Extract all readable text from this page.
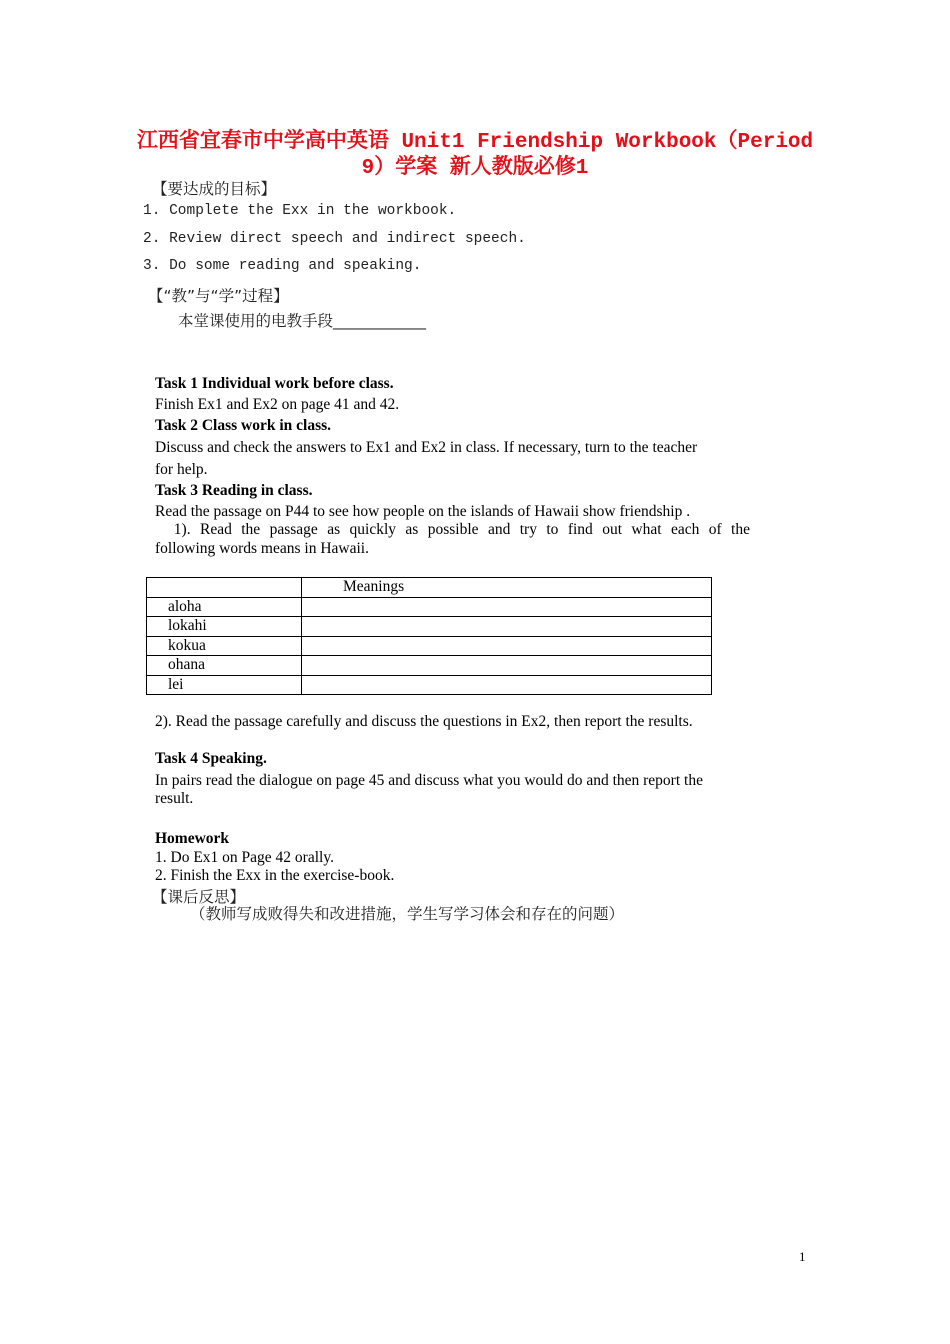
江西省宜春市中学高中英语 Unit1 Friendship Workbook（Period
9）学案 新人教版必修1
【要达成的目标】
1. Complete the Exx in the workbook.
2. Review direct speech and indirect speech.
3. Do some reading and speaking.
【“教”与“学”过程】
本堂课使用的电教手段____________
Task 1 Individual work before class.
Finish Ex1 and Ex2 on page 41 and 42.
Task 2 Class work in class.
Discuss and check the answers to Ex1 and Ex2 in class. If necessary, turn to the teacher
for help.
Task 3 Reading in class.
Read the passage on P44 to see how people on the islands of Hawaii show friendship .
1). Read the passage as quickly as possible and try to find out what each of the
following words means in Hawaii.
	Meanings
aloha	
lokahi	
kokua	
ohana	
lei	
2). Read the passage carefully and discuss the questions in Ex2, then report the results.
Task 4 Speaking.
In pairs read the dialogue on page 45 and discuss what you would do and then report the
result.
Homework
1. Do Ex1 on Page 42 orally.
2. Finish the Exx in the exercise-book.
【课后反思】
（教师写成败得失和改进措施，学生写学习体会和存在的问题）
1
